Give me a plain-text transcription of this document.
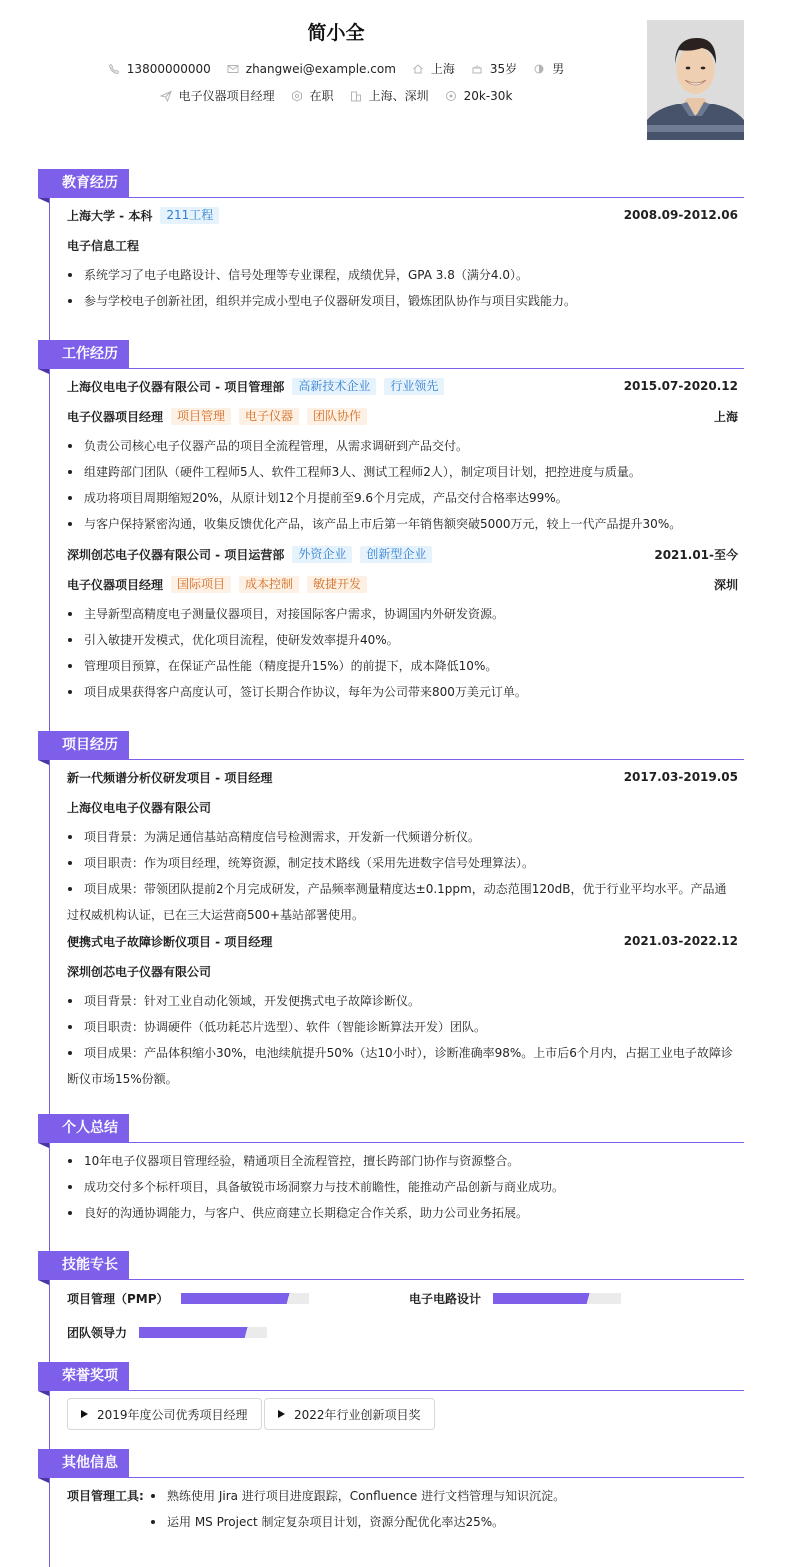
简小全
13800000000	zhangwei@example.com	上海	35岁	男
电子仪器项目经理	在职	上海、深圳	20k-30k
教育经历
上海大学 - 本科	211工程	2008.09-2012.06
电子信息工程
系统学习了电子电路设计、信号处理等专业课程，成绩优异，GPA 3.8（满分4.0）。
参与学校电子创新社团，组织并完成小型电子仪器研发项目，锻炼团队协作与项目实践能力。
工作经历
上海仪电电子仪器有限公司 - 项目管理部	高新技术企业	行业领先	2015.07-2020.12
电子仪器项目经理	项目管理	电子仪器	团队协作	上海
负责公司核心电子仪器产品的项目全流程管理，从需求调研到产品交付。
组建跨部门团队（硬件工程师5人、软件工程师3人、测试工程师2人），制定项目计划，把控进度与质量。
成功将项目周期缩短20%，从原计划12个月提前至9.6个月完成，产品交付合格率达99%。
与客户保持紧密沟通，收集反馈优化产品，该产品上市后第一年销售额突破5000万元，较上一代产品提升30%。
深圳创芯电子仪器有限公司 - 项目运营部	外资企业	创新型企业	2021.01-至今
电子仪器项目经理	国际项目	成本控制	敏捷开发	深圳
主导新型高精度电子测量仪器项目，对接国际客户需求，协调国内外研发资源。
引入敏捷开发模式，优化项目流程，使研发效率提升40%。
管理项目预算，在保证产品性能（精度提升15%）的前提下，成本降低10%。
项目成果获得客户高度认可，签订长期合作协议，每年为公司带来800万美元订单。
项目经历
新一代频谱分析仪研发项目 - 项目经理	2017.03-2019.05
上海仪电电子仪器有限公司
项目背景：为满足通信基站高精度信号检测需求，开发新一代频谱分析仪。
项目职责：作为项目经理，统筹资源，制定技术路线（采用先进数字信号处理算法）。
项目成果：带领团队提前2个月完成研发，产品频率测量精度达±0.1ppm，动态范围120dB，优于行业平均水平。产品通过权威机构认证，已在三大运营商500+基站部署使用。
便携式电子故障诊断仪项目 - 项目经理	2021.03-2022.12
深圳创芯电子仪器有限公司
项目背景：针对工业自动化领域，开发便携式电子故障诊断仪。
项目职责：协调硬件（低功耗芯片选型）、软件（智能诊断算法开发）团队。
项目成果：产品体积缩小30%，电池续航提升50%（达10小时），诊断准确率98%。上市后6个月内，占据工业电子故障诊断仪市场15%份额。
个人总结
10年电子仪器项目管理经验，精通项目全流程管控，擅长跨部门协作与资源整合。
成功交付多个标杆项目，具备敏锐市场洞察力与技术前瞻性，能推动产品创新与商业成功。
良好的沟通协调能力，与客户、供应商建立长期稳定合作关系，助力公司业务拓展。
技能专长
项目管理（PMP）	电子电路设计
团队领导力
荣誉奖项
2019年度公司优秀项目经理	2022年行业创新项目奖
其他信息
项目管理工具:	熟练使用 Jira 进行项目进度跟踪，Confluence 进行文档管理与知识沉淀。
运用 MS Project 制定复杂项目计划，资源分配优化率达25%。
